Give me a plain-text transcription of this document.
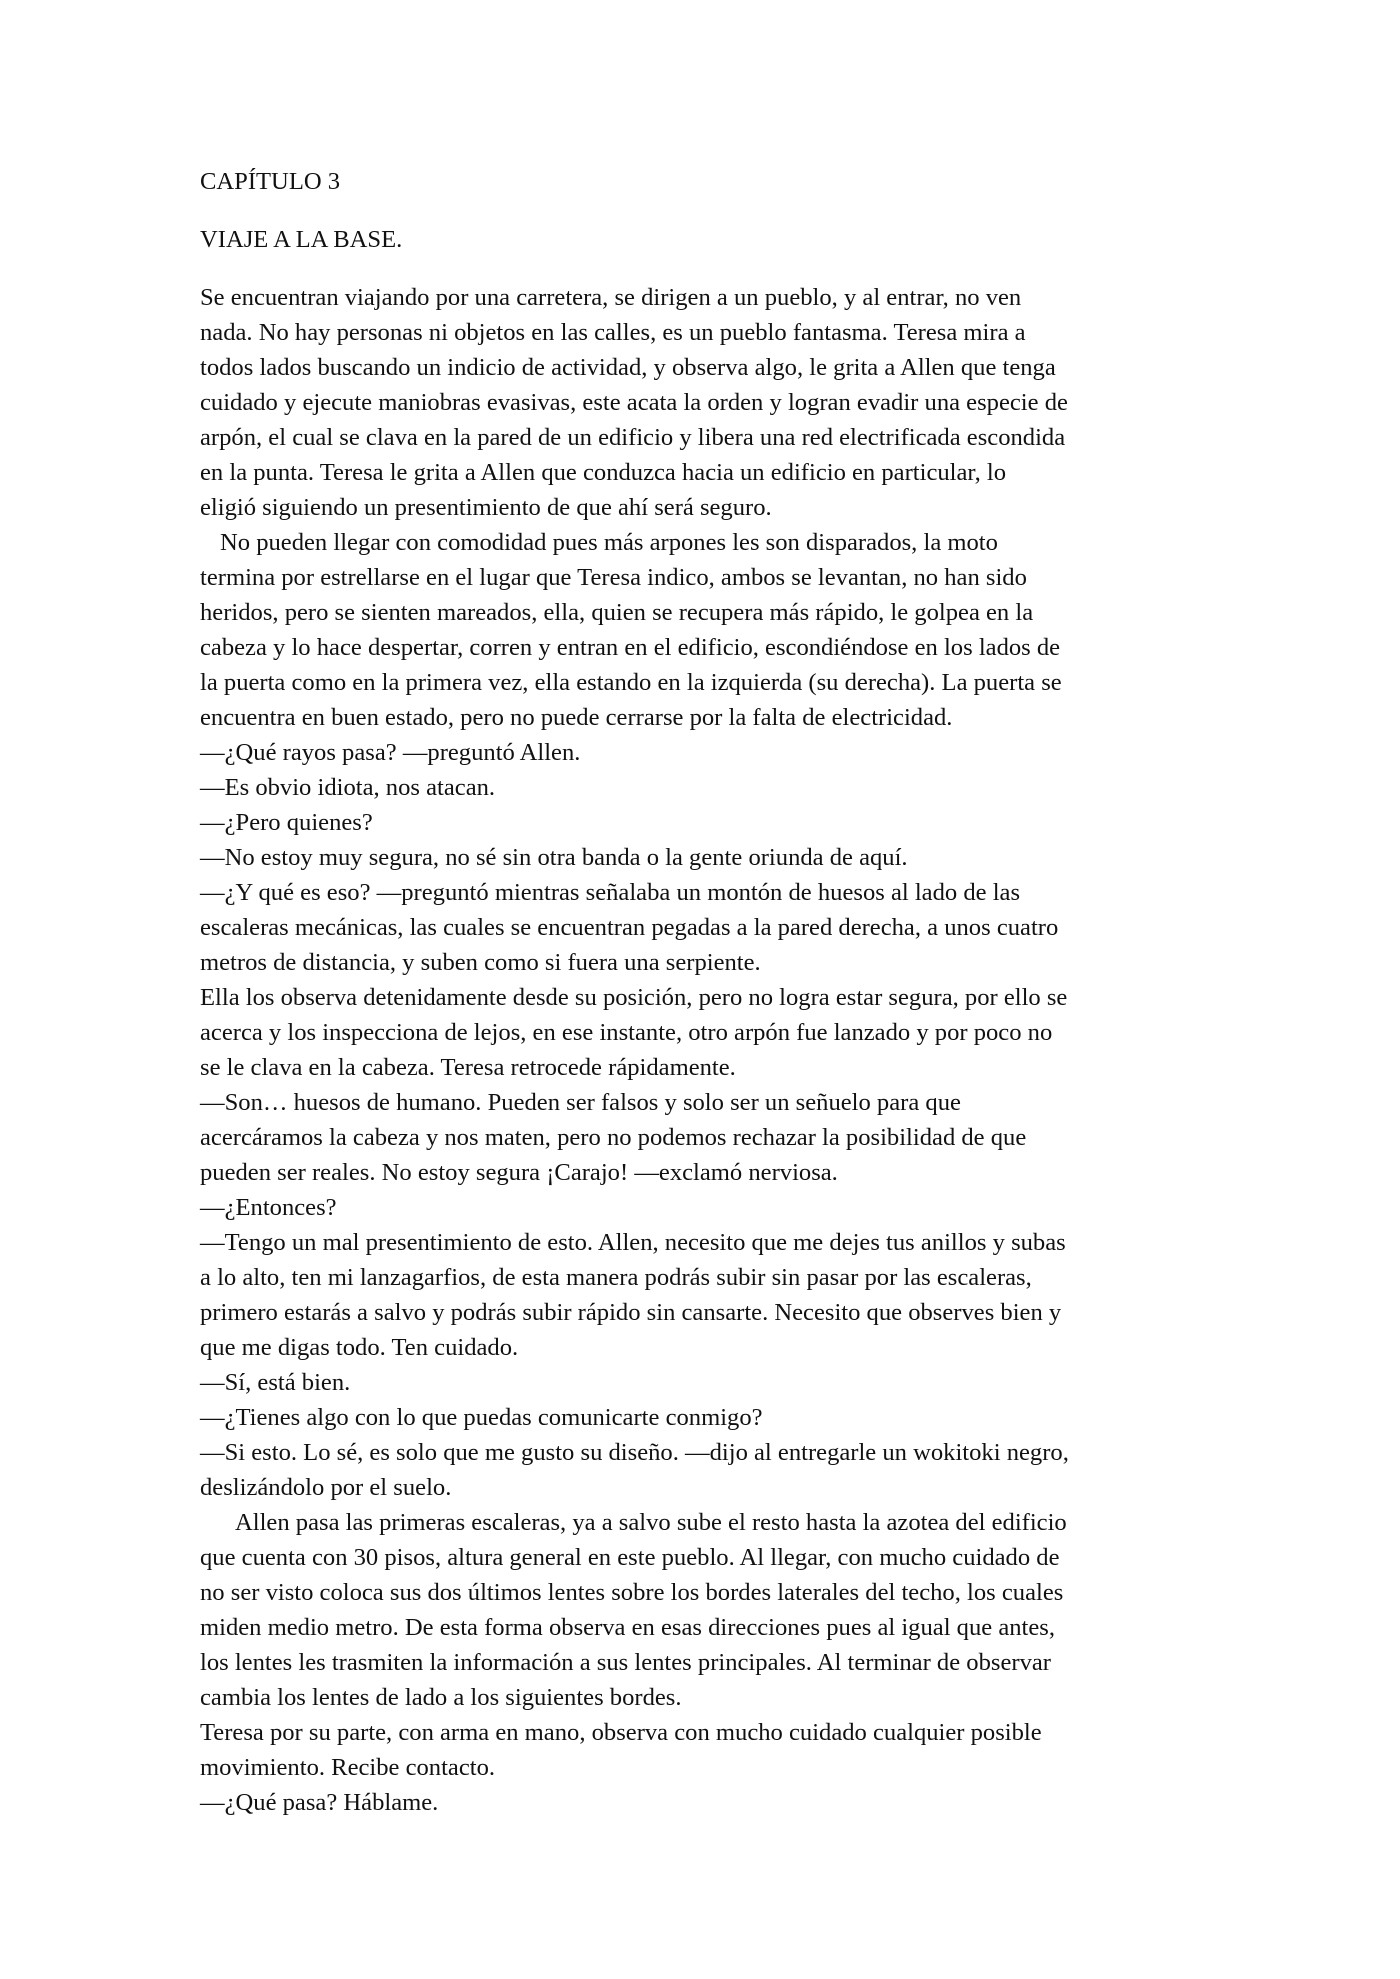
CAPÍTULO 3
VIAJE A LA BASE.
Se encuentran viajando por una carretera, se dirigen a un pueblo, y al entrar, no ven
nada. No hay personas ni objetos en las calles, es un pueblo fantasma. Teresa mira a
todos lados buscando un indicio de actividad, y observa algo, le grita a Allen que tenga
cuidado y ejecute maniobras evasivas, este acata la orden y logran evadir una especie de
arpón, el cual se clava en la pared de un edificio y libera una red electrificada escondida
en la punta. Teresa le grita a Allen que conduzca hacia un edificio en particular, lo
eligió siguiendo un presentimiento de que ahí será seguro.
No pueden llegar con comodidad pues más arpones les son disparados, la moto
termina por estrellarse en el lugar que Teresa indico, ambos se levantan, no han sido
heridos, pero se sienten mareados, ella, quien se recupera más rápido, le golpea en la
cabeza y lo hace despertar, corren y entran en el edificio, escondiéndose en los lados de
la puerta como en la primera vez, ella estando en la izquierda (su derecha). La puerta se
encuentra en buen estado, pero no puede cerrarse por la falta de electricidad.
—¿Qué rayos pasa? —preguntó Allen.
—Es obvio idiota, nos atacan.
—¿Pero quienes?
—No estoy muy segura, no sé sin otra banda o la gente oriunda de aquí.
—¿Y qué es eso? —preguntó mientras señalaba un montón de huesos al lado de las
escaleras mecánicas, las cuales se encuentran pegadas a la pared derecha, a unos cuatro
metros de distancia, y suben como si fuera una serpiente.
Ella los observa detenidamente desde su posición, pero no logra estar segura, por ello se
acerca y los inspecciona de lejos, en ese instante, otro arpón fue lanzado y por poco no
se le clava en la cabeza. Teresa retrocede rápidamente.
—Son… huesos de humano. Pueden ser falsos y solo ser un señuelo para que
acercáramos la cabeza y nos maten, pero no podemos rechazar la posibilidad de que
pueden ser reales. No estoy segura ¡Carajo! —exclamó nerviosa.
—¿Entonces?
—Tengo un mal presentimiento de esto. Allen, necesito que me dejes tus anillos y subas
a lo alto, ten mi lanzagarfios, de esta manera podrás subir sin pasar por las escaleras,
primero estarás a salvo y podrás subir rápido sin cansarte. Necesito que observes bien y
que me digas todo. Ten cuidado.
—Sí, está bien.
—¿Tienes algo con lo que puedas comunicarte conmigo?
—Si esto. Lo sé, es solo que me gusto su diseño. —dijo al entregarle un wokitoki negro,
deslizándolo por el suelo.
Allen pasa las primeras escaleras, ya a salvo sube el resto hasta la azotea del edificio
que cuenta con 30 pisos, altura general en este pueblo. Al llegar, con mucho cuidado de
no ser visto coloca sus dos últimos lentes sobre los bordes laterales del techo, los cuales
miden medio metro. De esta forma observa en esas direcciones pues al igual que antes,
los lentes les trasmiten la información a sus lentes principales. Al terminar de observar
cambia los lentes de lado a los siguientes bordes.
Teresa por su parte, con arma en mano, observa con mucho cuidado cualquier posible
movimiento. Recibe contacto.
—¿Qué pasa? Háblame.
